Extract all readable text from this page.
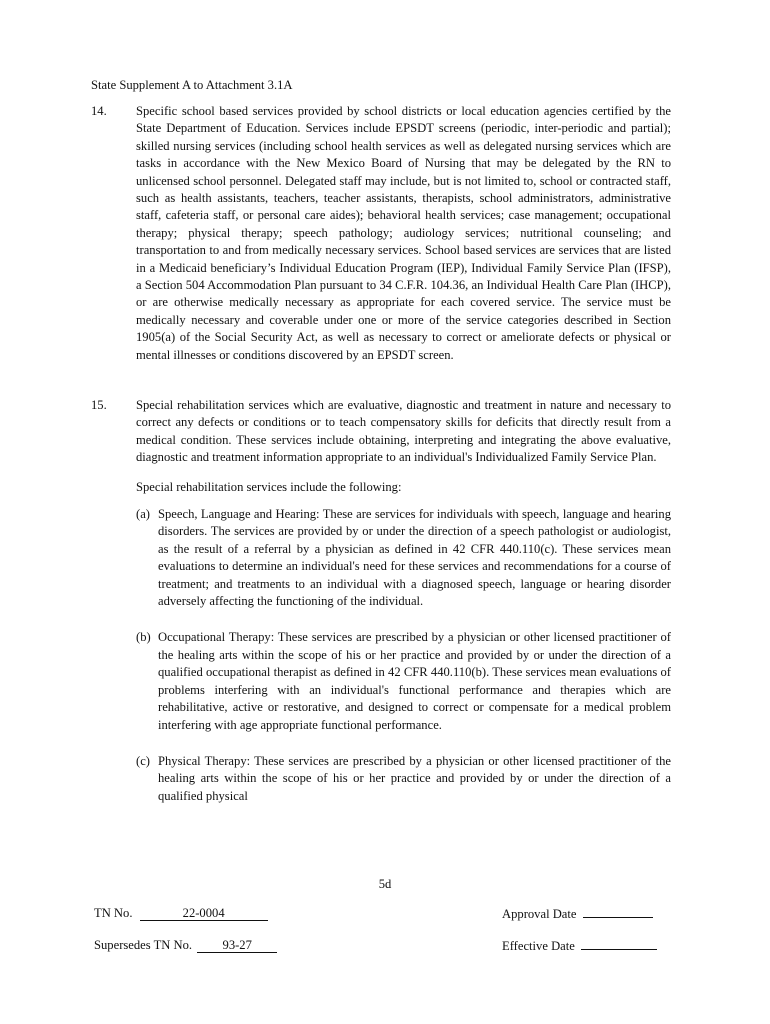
State Supplement A to Attachment 3.1A
14. Specific school based services provided by school districts or local education agencies certified by the State Department of Education. Services include EPSDT screens (periodic, inter-periodic and partial); skilled nursing services (including school health services as well as delegated nursing services which are tasks in accordance with the New Mexico Board of Nursing that may be delegated by the RN to unlicensed school personnel. Delegated staff may include, but is not limited to, school or contracted staff, such as health assistants, teachers, teacher assistants, therapists, school administrators, administrative staff, cafeteria staff, or personal care aides); behavioral health services; case management; occupational therapy; physical therapy; speech pathology; audiology services; nutritional counseling; and transportation to and from medically necessary services. School based services are services that are listed in a Medicaid beneficiary’s Individual Education Program (IEP), Individual Family Service Plan (IFSP), a Section 504 Accommodation Plan pursuant to 34 C.F.R. 104.36, an Individual Health Care Plan (IHCP), or are otherwise medically necessary as appropriate for each covered service. The service must be medically necessary and coverable under one or more of the service categories described in Section 1905(a) of the Social Security Act, as well as necessary to correct or ameliorate defects or physical or mental illnesses or conditions discovered by an EPSDT screen.

15. Special rehabilitation services which are evaluative, diagnostic and treatment in nature and necessary to correct any defects or conditions or to teach compensatory skills for deficits that directly result from a medical condition. These services include obtaining, interpreting and integrating the above evaluative, diagnostic and treatment information appropriate to an individual's Individualized Family Service Plan.

Special rehabilitation services include the following:

(a) Speech, Language and Hearing: These are services for individuals with speech, language and hearing disorders. The services are provided by or under the direction of a speech pathologist or audiologist, as the result of a referral by a physician as defined in 42 CFR 440.110(c). These services mean evaluations to determine an individual's need for these services and recommendations for a course of treatment; and treatments to an individual with a diagnosed speech, language or hearing disorder adversely affecting the functioning of the individual.
(b) Occupational Therapy: These services are prescribed by a physician or other licensed practitioner of the healing arts within the scope of his or her practice and provided by or under the direction of a qualified occupational therapist as defined in 42 CFR 440.110(b). These services mean evaluations of problems interfering with an individual's functional performance and therapies which are rehabilitative, active or restorative, and designed to correct or compensate for a medical problem interfering with age appropriate functional performance.
(c) Physical Therapy: These services are prescribed by a physician or other licensed practitioner of the healing arts within the scope of his or her practice and provided by or under the direction of a qualified physical
5d
TN No.	22-0004
Supersedes TN No. 93-27
Approval Date
Effective Date
